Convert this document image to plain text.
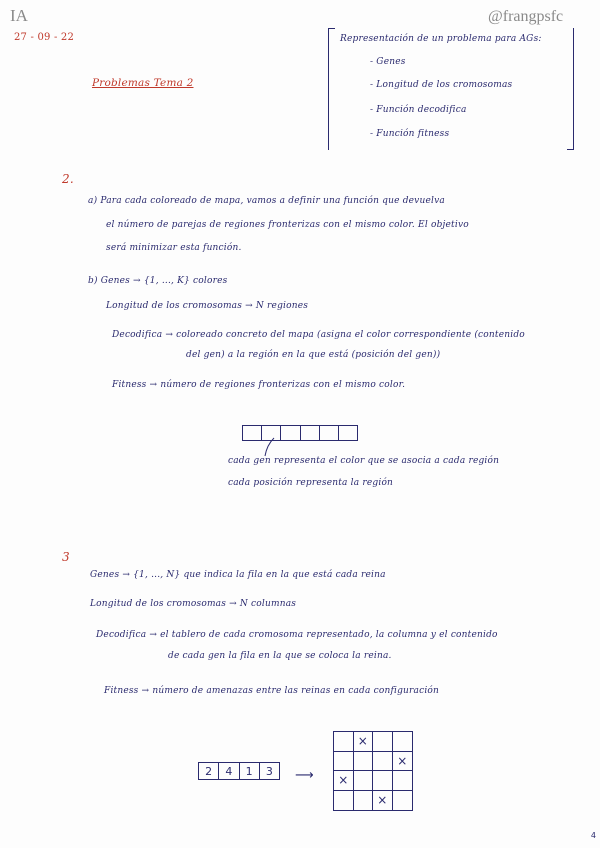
IA	@frangpsfc
27 - 09 - 22
Problemas Tema 2
Representación de un problema para AGs:
- Genes
- Longitud de los cromosomas
- Función decodifica
- Función fitness
2.
a) Para cada coloreado de mapa, vamos a definir una función que devuelva
el número de parejas de regiones fronterizas con el mismo color. El objetivo
será minimizar esta función.
b) Genes → {1, ..., K} colores
Longitud de los cromosomas → N regiones
Decodifica → coloreado concreto del mapa (asigna el color correspondiente (contenido
del gen) a la región en la que está (posición del gen))
Fitness → número de regiones fronterizas con el mismo color.
cada gen representa el color que se asocia a cada región
cada posición representa la región
3
Genes → {1, ..., N} que indica la fila en la que está cada reina
Longitud de los cromosomas → N columnas
Decodifica → el tablero de cada cromosoma representado, la columna y el contenido
de cada gen la fila en la que se coloca la reina.
Fitness → número de amenazas entre las reinas en cada configuración
2	4	1	3	⟶
×
×
×
×
4
